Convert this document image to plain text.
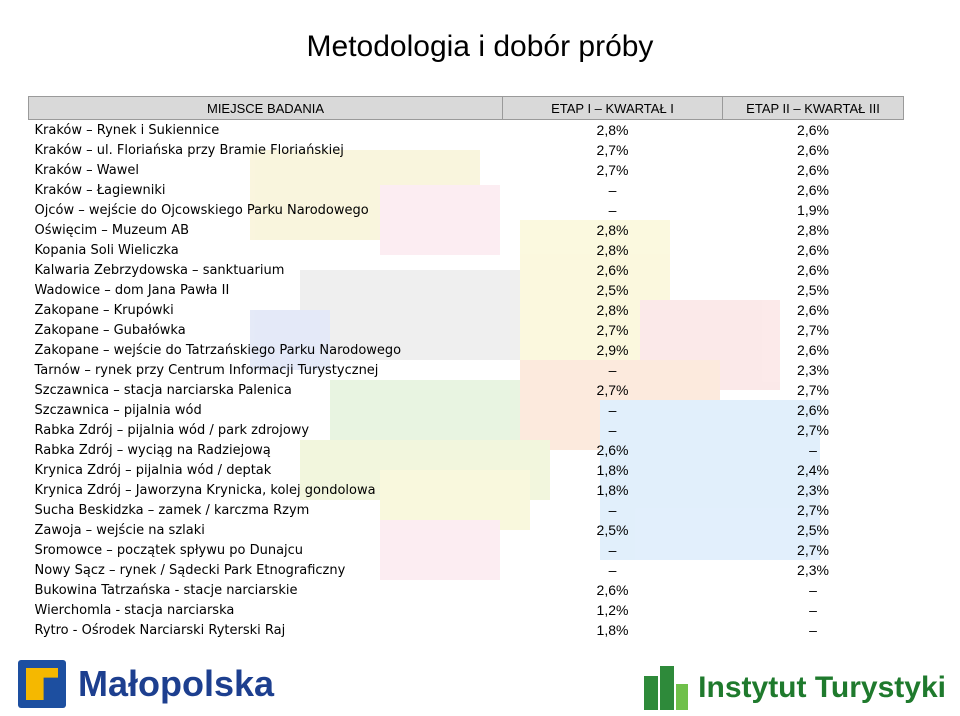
Metodologia i dobór próby
MIEJSCE BADANIA	ETAP I – KWARTAŁ I	ETAP II – KWARTAŁ III
Kraków – Rynek i Sukiennice	2,8%	2,6%
Kraków – ul. Floriańska przy Bramie Floriańskiej	2,7%	2,6%
Kraków – Wawel	2,7%	2,6%
Kraków – Łagiewniki	–	2,6%
Ojców – wejście do Ojcowskiego Parku Narodowego	–	1,9%
Oświęcim – Muzeum AB	2,8%	2,8%
Kopania Soli Wieliczka	2,8%	2,6%
Kalwaria Zebrzydowska – sanktuarium	2,6%	2,6%
Wadowice – dom Jana Pawła II	2,5%	2,5%
Zakopane – Krupówki	2,8%	2,6%
Zakopane – Gubałówka	2,7%	2,7%
Zakopane – wejście do Tatrzańskiego Parku Narodowego	2,9%	2,6%
Tarnów – rynek przy Centrum Informacji Turystycznej	–	2,3%
Szczawnica – stacja narciarska Palenica	2,7%	2,7%
Szczawnica – pijalnia wód	–	2,6%
Rabka Zdrój – pijalnia wód / park zdrojowy	–	2,7%
Rabka Zdrój – wyciąg na Radziejową	2,6%	–
Krynica Zdrój – pijalnia wód / deptak	1,8%	2,4%
Krynica Zdrój – Jaworzyna Krynicka, kolej gondolowa	1,8%	2,3%
Sucha Beskidzka – zamek / karczma Rzym	–	2,7%
Zawoja – wejście na szlaki	2,5%	2,5%
Sromowce – początek spływu po Dunajcu	–	2,7%
Nowy Sącz – rynek / Sądecki Park Etnograficzny	–	2,3%
Bukowina Tatrzańska - stacje narciarskie	2,6%	–
Wierchomla - stacja narciarska	1,2%	–
Rytro - Ośrodek Narciarski Ryterski Raj	1,8%	–
Małopolska	Instytut Turystyki
